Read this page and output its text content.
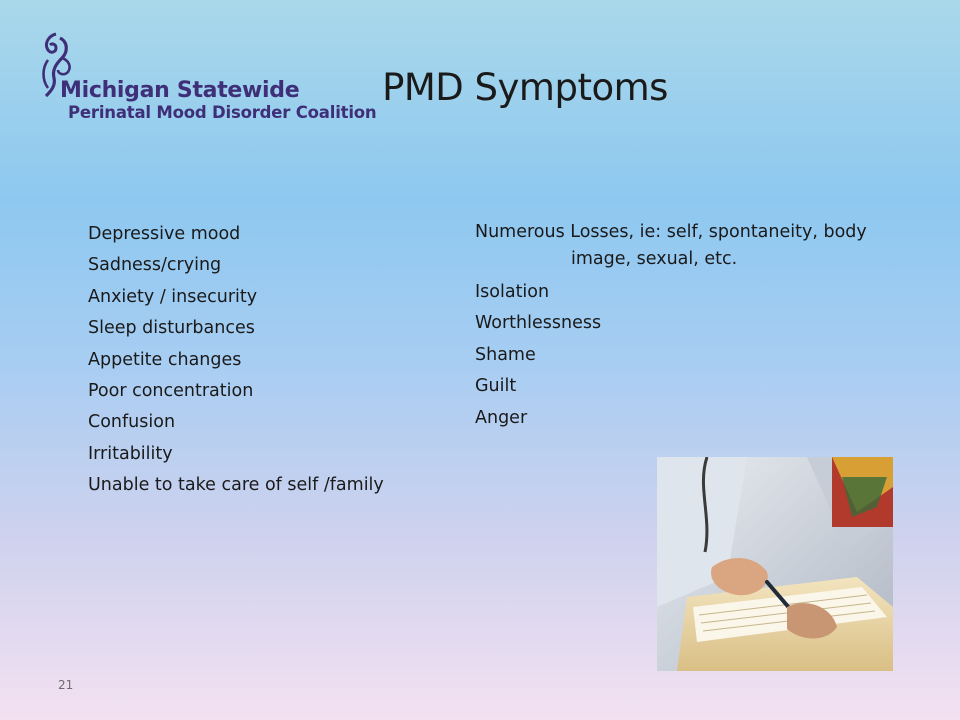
Michigan Statewide
Perinatal Mood Disorder Coalition
PMD Symptoms
Depressive mood
Sadness/crying
Anxiety / insecurity
Sleep disturbances
Appetite changes
Poor concentration
Confusion
Irritability
Unable to take care of self /family
Numerous Losses, ie: self, spontaneity, body
image, sexual, etc.
Isolation
Worthlessness
Shame
Guilt
Anger
21
